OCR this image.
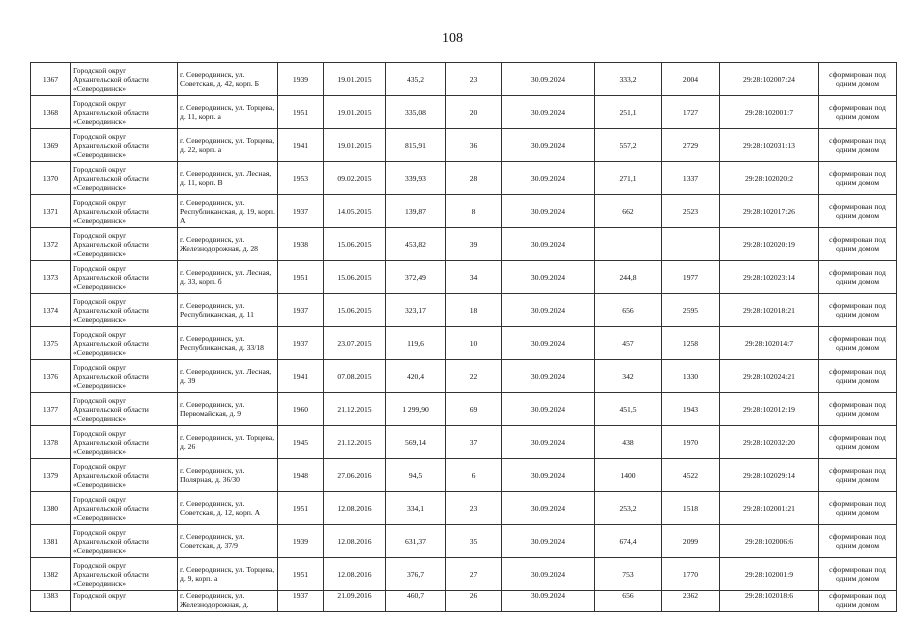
108
1367	Городской округ Архангельской области «Северодвинск»	г. Северодвинск, ул. Советская, д. 42, корп. Б	1939	19.01.2015	435,2	23	30.09.2024	333,2	2004	29:28:102007:24	сформирован под одним домом
1368	Городской округ Архангельской области «Северодвинск»	г. Северодвинск, ул. Торцева, д. 11, корп. а	1951	19.01.2015	335,08	20	30.09.2024	251,1	1727	29:28:102001:7	сформирован под одним домом
1369	Городской округ Архангельской области «Северодвинск»	г. Северодвинск, ул. Торцева, д. 22, корп. а	1941	19.01.2015	815,91	36	30.09.2024	557,2	2729	29:28:102031:13	сформирован под одним домом
1370	Городской округ Архангельской области «Северодвинск»	г. Северодвинск, ул. Лесная, д. 11, корп. В	1953	09.02.2015	339,93	28	30.09.2024	271,1	1337	29:28:102020:2	сформирован под одним домом
1371	Городской округ Архангельской области «Северодвинск»	г. Северодвинск, ул. Республиканская, д. 19, корп. А	1937	14.05.2015	139,87	8	30.09.2024	662	2523	29:28:102017:26	сформирован под одним домом
1372	Городской округ Архангельской области «Северодвинск»	г. Северодвинск, ул. Железнодорожная, д. 28	1938	15.06.2015	453,82	39	30.09.2024			29:28:102020:19	сформирован под одним домом
1373	Городской округ Архангельской области «Северодвинск»	г. Северодвинск, ул. Лесная, д. 33, корп. б	1951	15.06.2015	372,49	34	30.09.2024	244,8	1977	29:28:102023:14	сформирован под одним домом
1374	Городской округ Архангельской области «Северодвинск»	г. Северодвинск, ул. Республиканская, д. 11	1937	15.06.2015	323,17	18	30.09.2024	656	2595	29:28:102018:21	сформирован под одним домом
1375	Городской округ Архангельской области «Северодвинск»	г. Северодвинск, ул. Республиканская, д. 33/18	1937	23.07.2015	119,6	10	30.09.2024	457	1258	29:28:102014:7	сформирован под одним домом
1376	Городской округ Архангельской области «Северодвинск»	г. Северодвинск, ул. Лесная, д. 39	1941	07.08.2015	420,4	22	30.09.2024	342	1330	29:28:102024:21	сформирован под одним домом
1377	Городской округ Архангельской области «Северодвинск»	г. Северодвинск, ул. Первомайская, д. 9	1960	21.12.2015	1 299,90	69	30.09.2024	451,5	1943	29:28:102012:19	сформирован под одним домом
1378	Городской округ Архангельской области «Северодвинск»	г. Северодвинск, ул. Торцева, д. 26	1945	21.12.2015	569,14	37	30.09.2024	438	1970	29:28:102032:20	сформирован под одним домом
1379	Городской округ Архангельской области «Северодвинск»	г. Северодвинск, ул. Полярная, д. 36/30	1948	27.06.2016	94,5	6	30.09.2024	1400	4522	29:28:102029:14	сформирован под одним домом
1380	Городской округ Архангельской области «Северодвинск»	г. Северодвинск, ул. Советская, д. 12, корп. А	1951	12.08.2016	334,1	23	30.09.2024	253,2	1518	29:28:102001:21	сформирован под одним домом
1381	Городской округ Архангельской области «Северодвинск»	г. Северодвинск, ул. Советская, д. 37/9	1939	12.08.2016	631,37	35	30.09.2024	674,4	2099	29:28:102006:6	сформирован под одним домом
1382	Городской округ Архангельской области «Северодвинск»	г. Северодвинск, ул. Торцева, д. 9, корп. а	1951	12.08.2016	376,7	27	30.09.2024	753	1770	29:28:102001:9	сформирован под одним домом
1383	Городской округ	г. Северодвинск, ул. Железнодорожная, д.	1937	21.09.2016	460,7	26	30.09.2024	656	2362	29:28:102018:6	сформирован под одним домом
